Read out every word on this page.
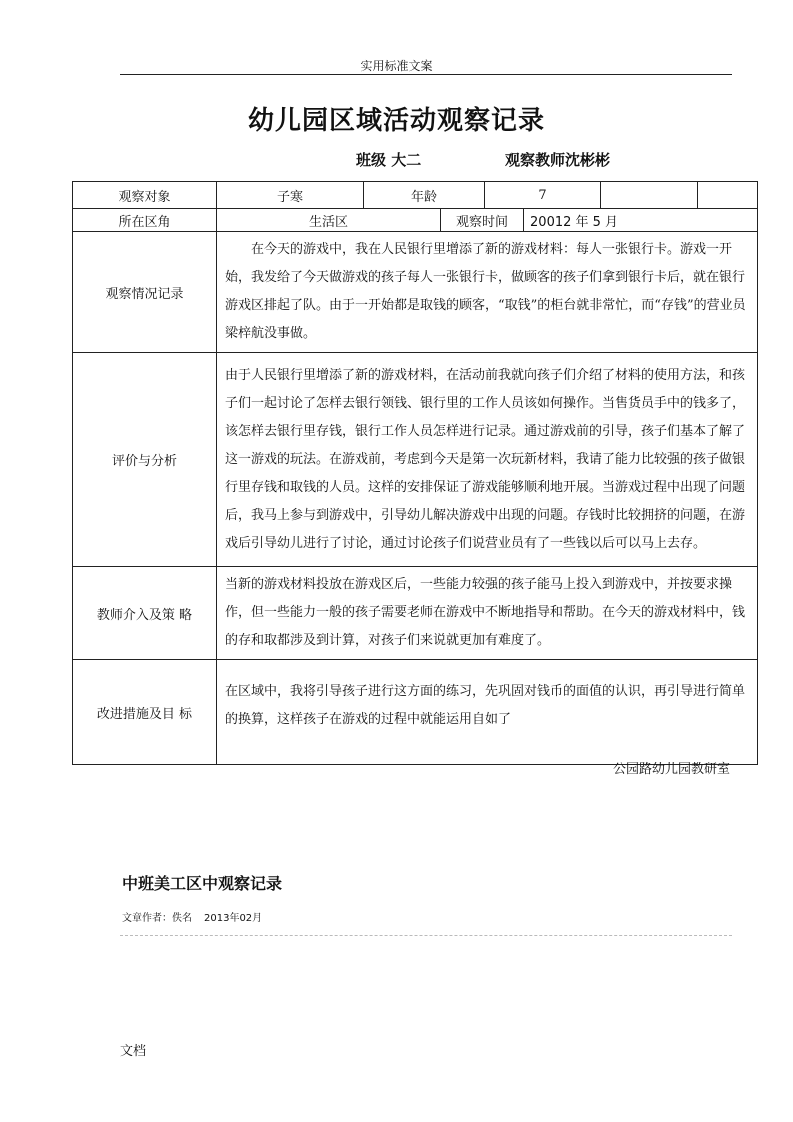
实用标准文案
幼儿园区域活动观察记录
班级 大二	观察教师沈彬彬
观察对象	子寒	年龄		7			
所在区角	生活区		观察时间		20012 年 5 月		
观察情况记录	在今天的游戏中，我在人民银行里增添了新的游戏材料：每人一张银行卡。游戏一开始，我发给了今天做游戏的孩子每人一张银行卡，做顾客的孩子们拿到银行卡后，就在银行游戏区排起了队。由于一开始都是取钱的顾客，“取钱”的柜台就非常忙，而“存钱”的营业员梁梓航没事做。						

评价与分析	由于人民银行里增添了新的游戏材料，在活动前我就向孩子们介绍了材料的使用方法，和孩子们一起讨论了怎样去银行领钱、银行里的工作人员该如何操作。当售货员手中的钱多了，该怎样去银行里存钱，银行工作人员怎样进行记录。通过游戏前的引导，孩子们基本了解了这一游戏的玩法。在游戏前，考虑到今天是第一次玩新材料，我请了能力比较强的孩子做银行里存钱和取钱的人员。这样的安排保证了游戏能够顺利地开展。当游戏过程中出现了问题后，我马上参与到游戏中，引导幼儿解决游戏中出现的问题。存钱时比较拥挤的问题，在游戏后引导幼儿进行了讨论，通过讨论孩子们说营业员有了一些钱以后可以马上去存。						

教师介入及策 略	当新的游戏材料投放在游戏区后，一些能力较强的孩子能马上投入到游戏中，并按要求操作，但一些能力一般的孩子需要老师在游戏中不断地指导和帮助。在今天的游戏材料中，钱的存和取都涉及到计算，对孩子们来说就更加有难度了。						

改进措施及目 标	在区域中，我将引导孩子进行这方面的练习，先巩固对钱币的面值的认识，再引导进行简单的换算，这样孩子在游戏的过程中就能运用自如了						
公园路幼儿园教研室
中班美工区中观察记录
文章作者：佚名 2013年02月
文档
